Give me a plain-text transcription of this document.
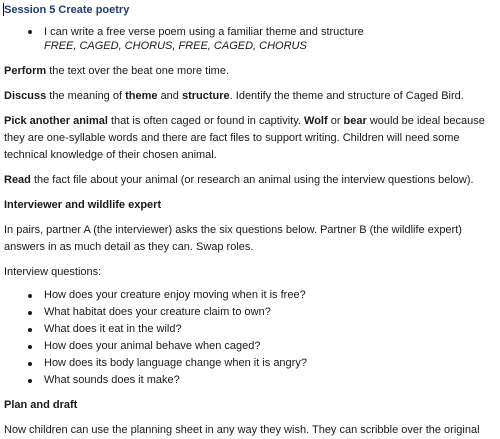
Session 5 Create poetry
I can write a free verse poem using a familiar theme and structure
FREE, CAGED, CHORUS, FREE, CAGED, CHORUS

Perform the text over the beat one more time.

Discuss the meaning of theme and structure. Identify the theme and structure of Caged Bird.

Pick another animal that is often caged or found in captivity. Wolf or bear would be ideal because they are one-syllable words and there are fact files to support writing. Children will need some technical knowledge of their chosen animal.

Read the fact file about your animal (or research an animal using the interview questions below).

Interviewer and wildlife expert

In pairs, partner A (the interviewer) asks the six questions below. Partner B (the wildlife expert) answers in as much detail as they can. Swap roles.

Interview questions:

How does your creature enjoy moving when it is free?
What habitat does your creature claim to own?
What does it eat in the wild?
How does your animal behave when caged?
How does its body language change when it is angry?
What sounds does it make?
Plan and draft

Now children can use the planning sheet in any way they wish. They can scribble over the original
